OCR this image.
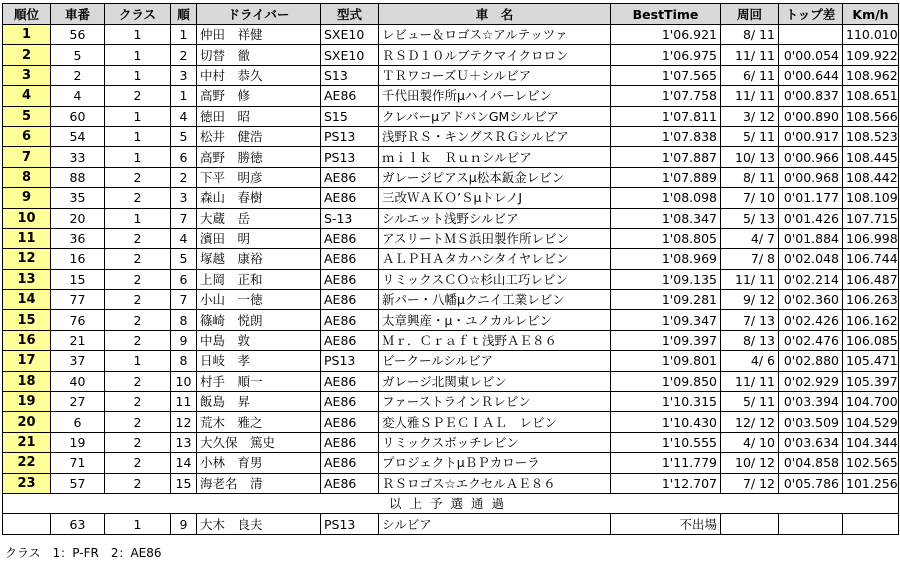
順位	車番	クラス	順	ドライバー	型式	車　名	BestTime	周回	トップ差	Km/h
1	56	1	1	仲田　祥健	SXE10	レビュー＆ロゴス☆アルテッツァ	1'06.921	8/ 11		110.010
2	5	1	2	切替　徹	SXE10	ＲＳＤ１０ルブテクマイクロロン	1'06.975	11/ 11	0'00.054	109.922
3	2	1	3	中村　恭久	S13	ＴＲワコーズＵ＋シルビア	1'07.565	6/ 11	0'00.644	108.962
4	4	2	1	高野　修	AE86	千代田製作所μハイパーレビン	1'07.758	11/ 11	0'00.837	108.651
5	60	1	4	徳田　昭	S15	クレバーμアドバンGMシルビア	1'07.811	3/ 12	0'00.890	108.566
6	54	1	5	松井　健浩	PS13	浅野ＲＳ・キングスＲＧシルビア	1'07.838	5/ 11	0'00.917	108.523
7	33	1	6	高野　勝徳	PS13	ｍｉｌｋ　Ｒｕｎシルビア	1'07.887	10/ 13	0'00.966	108.445
8	88	2	2	下平　明彦	AE86	ガレージピアスμ松本鈑金レビン	1'07.889	8/ 11	0'00.968	108.442
9	35	2	3	森山　春樹	AE86	三改ＷＡＫＯ’ＳμトレノЈ	1'08.098	7/ 10	0'01.177	108.109
10	20	1	7	大蔵　岳	S-13	シルエット浅野シルビア	1'08.347	5/ 13	0'01.426	107.715
11	36	2	4	濱田　明	AE86	アスリートＭＳ浜田製作所レビン	1'08.805	4/ 7	0'01.884	106.998
12	16	2	5	塚越　康裕	AE86	ＡＬＰＨＡタカハシタイヤレビン	1'08.969	7/ 8	0'02.048	106.744
13	15	2	6	上岡　正和	AE86	リミックスＣＯ☆杉山工巧レビン	1'09.135	11/ 11	0'02.214	106.487
14	77	2	7	小山　一徳	AE86	新パー・八幡μクニイ工業レビン	1'09.281	9/ 12	0'02.360	106.263
15	76	2	8	篠崎　悦朗	AE86	太章興産・μ・ユノカルレビン	1'09.347	7/ 13	0'02.426	106.162
16	21	2	9	中島　敦	AE86	Ｍｒ．Ｃｒａｆｔ浅野ＡＥ８６	1'09.397	8/ 13	0'02.476	106.085
17	37	1	8	日岐　孝	PS13	ビークールシルビア	1'09.801	4/ 6	0'02.880	105.471
18	40	2	10	村手　順一	AE86	ガレージ北関東レビン	1'09.850	11/ 11	0'02.929	105.397
19	27	2	11	飯島　昇	AE86	ファーストラインＲレビン	1'10.315	5/ 11	0'03.394	104.700
20	6	2	12	荒木　雅之	AE86	変人雅ＳＰＥＣＩＡＬ　レビン	1'10.430	12/ 12	0'03.509	104.529
21	19	2	13	大久保　篤史	AE86	リミックスボッチレビン	1'10.555	4/ 10	0'03.634	104.344
22	71	2	14	小林　育男	AE86	プロジェクトμＢＰカローラ	1'11.779	10/ 12	0'04.858	102.565
23	57	2	15	海老名　清	AE86	ＲＳロゴス☆エクセルＡＥ８６	1'12.707	7/ 12	0'05.786	101.256
以上予選通過										
	63	1	9	大木　良夫	PS13	シルビア	不出場			
クラス　1：P-FR　2：AE86
